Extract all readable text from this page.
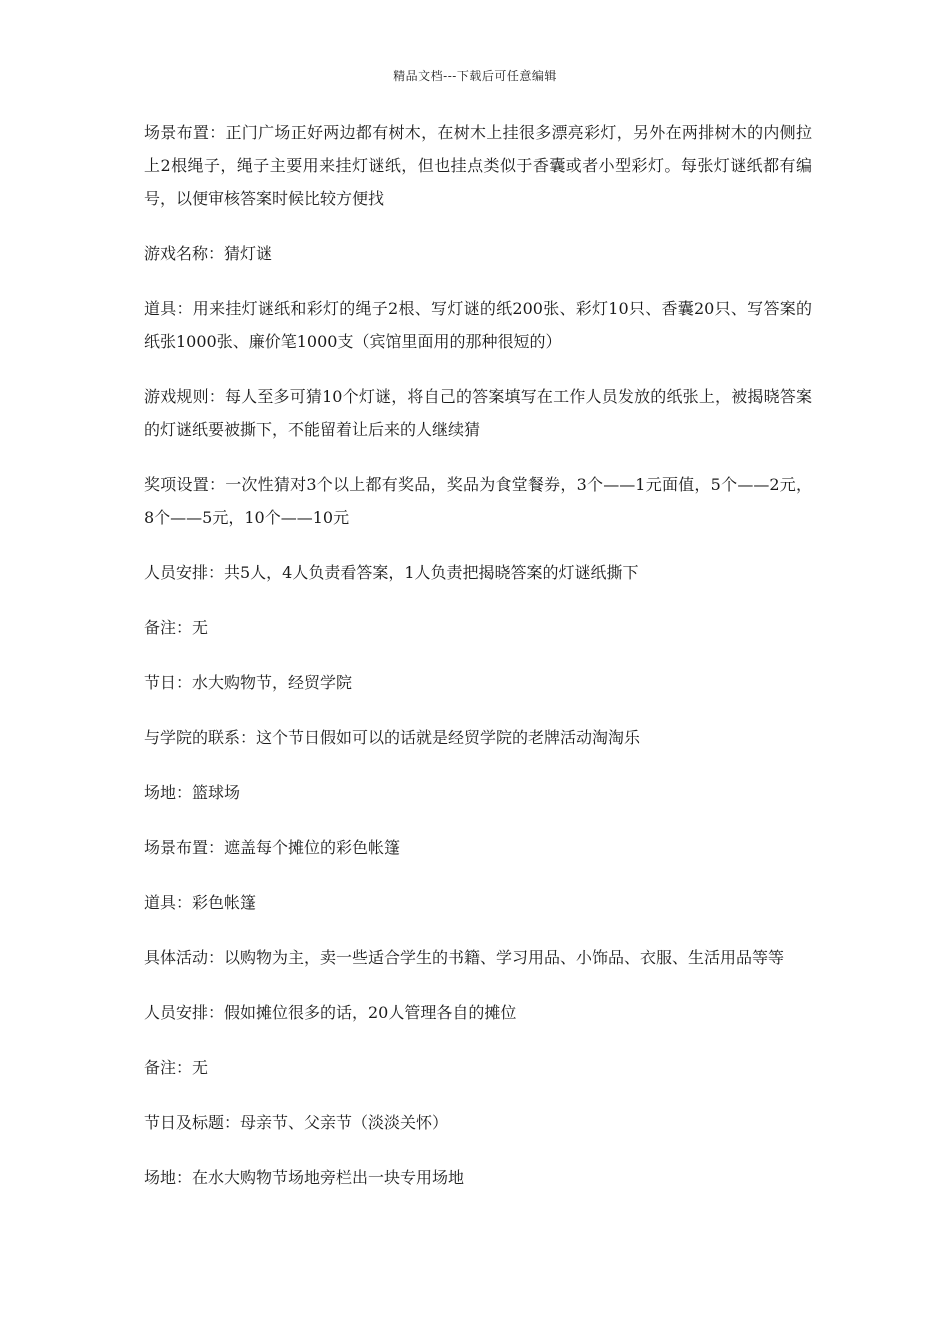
精品文档---下载后可任意编辑

场景布置：正门广场正好两边都有树木，在树木上挂很多漂亮彩灯，另外在两排树木的内侧拉上2根绳子，绳子主要用来挂灯谜纸，但也挂点类似于香囊或者小型彩灯。每张灯谜纸都有编号，以便审核答案时候比较方便找

游戏名称：猜灯谜

道具：用来挂灯谜纸和彩灯的绳子2根、写灯谜的纸200张、彩灯10只、香囊20只、写答案的纸张1000张、廉价笔1000支（宾馆里面用的那种很短的）

游戏规则：每人至多可猜10个灯谜，将自己的答案填写在工作人员发放的纸张上，被揭晓答案的灯谜纸要被撕下，不能留着让后来的人继续猜

奖项设置：一次性猜对3个以上都有奖品，奖品为食堂餐券，3个——1元面值，5个——2元，8个——5元，10个——10元

人员安排：共5人，4人负责看答案，1人负责把揭晓答案的灯谜纸撕下

备注：无

节日：水大购物节，经贸学院

与学院的联系：这个节日假如可以的话就是经贸学院的老牌活动淘淘乐

场地：篮球场

场景布置：遮盖每个摊位的彩色帐篷

道具：彩色帐篷

具体活动：以购物为主，卖一些适合学生的书籍、学习用品、小饰品、衣服、生活用品等等

人员安排：假如摊位很多的话，20人管理各自的摊位

备注：无

节日及标题：母亲节、父亲节（淡淡关怀）

场地：在水大购物节场地旁栏出一块专用场地
